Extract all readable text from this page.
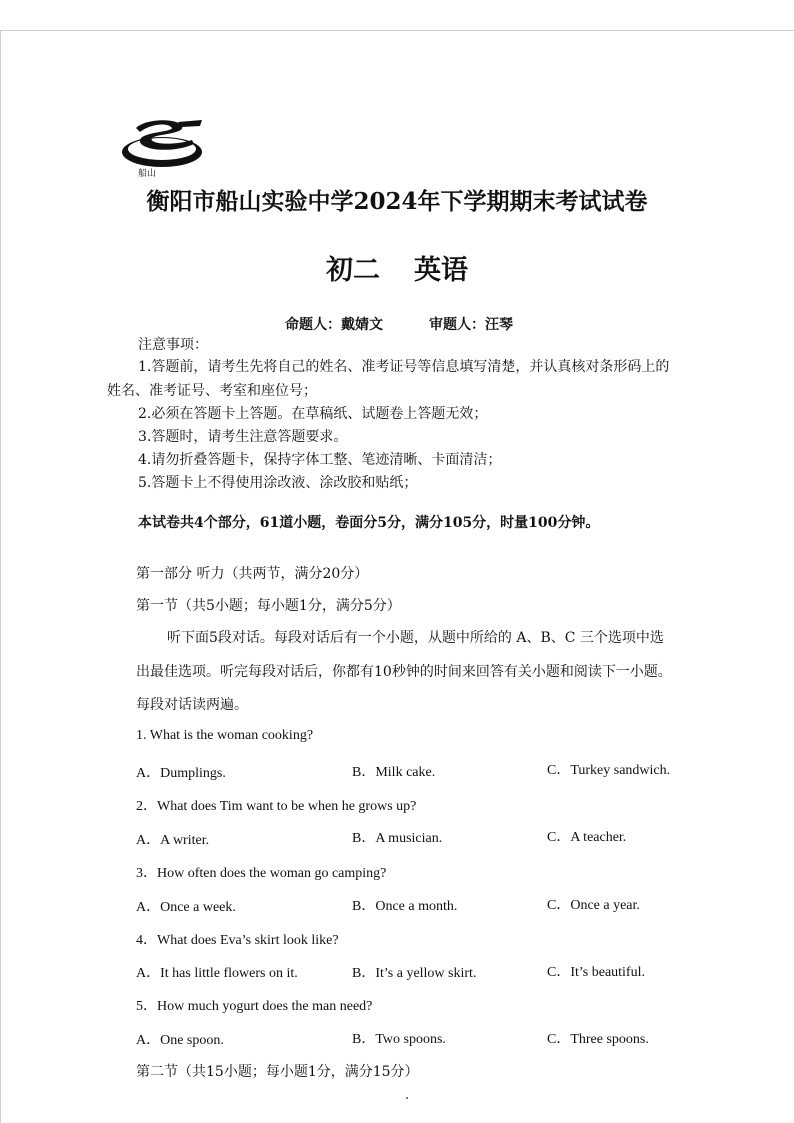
船山
衡阳市船山实验中学2024年下学期期末考试试卷
初二 英语
命题人：戴婧文	审题人：汪琴
注意事项：
1.答题前，请考生先将自己的姓名、准考证号等信息填写清楚，并认真核对条形码上的
姓名、准考证号、考室和座位号；
2.必须在答题卡上答题。在草稿纸、试题卷上答题无效；
3.答题时，请考生注意答题要求。
4.请勿折叠答题卡，保持字体工整、笔迹清晰、卡面清洁；
5.答题卡上不得使用涂改液、涂改胶和贴纸；
本试卷共4个部分，61道小题，卷面分5分，满分105分，时量100分钟。
第一部分 听力（共两节，满分20分）
第一节（共5小题；每小题1分，满分5分）
听下面5段对话。每段对话后有一个小题，从题中所给的 A、B、C 三个选项中选
出最佳选项。听完每段对话后，你都有10秒钟的时间来回答有关小题和阅读下一小题。
每段对话读两遍。
1. What is the woman cooking?
A．Dumplings.	B．Milk cake.	C．Turkey sandwich.
2．What does Tim want to be when he grows up?
A．A writer.	B．A musician.	C．A teacher.
3．How often does the woman go camping?
A．Once a week.	B．Once a month.	C．Once a year.
4．What does Eva’s skirt look like?
A．It has little flowers on it.	B．It’s a yellow skirt.	C．It’s beautiful.
5．How much yogurt does the man need?
A．One spoon.	B．Two spoons.	C．Three spoons.
第二节（共15小题；每小题1分，满分15分）
